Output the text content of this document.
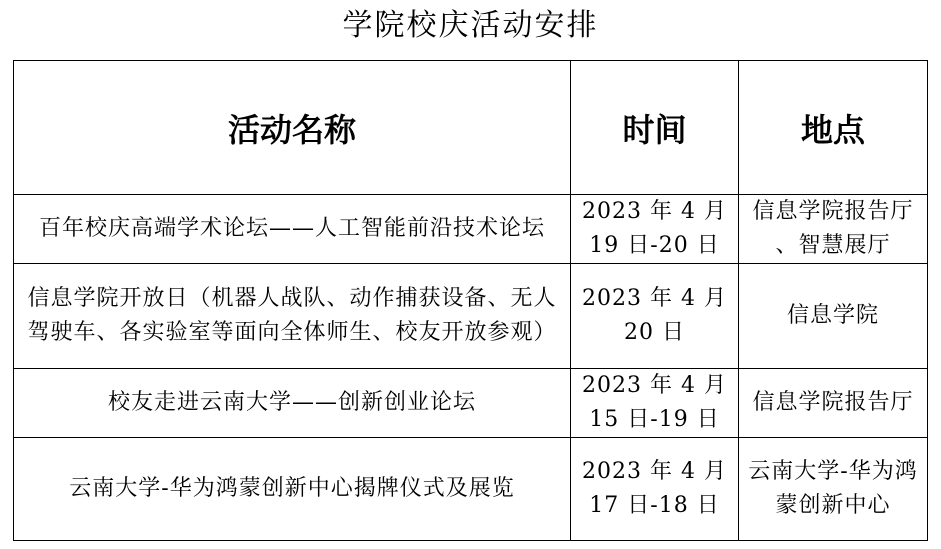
学院校庆活动安排
活动名称	时间	地点

百年校庆高端学术论坛——人工智能前沿技术论坛	2023 年 4 月 19 日-20 日	信息学院报告厅 、智慧展厅

信息学院开放日（机器人战队、动作捕获设备、无人驾驶车、各实验室等面向全体师生、校友开放参观）	2023 年 4 月 20 日	信息学院

校友走进云南大学——创新创业论坛	2023 年 4 月 15 日-19 日	信息学院报告厅

云南大学-华为鸿蒙创新中心揭牌仪式及展览	2023 年 4 月 17 日-18 日	云南大学-华为鸿蒙创新中心
